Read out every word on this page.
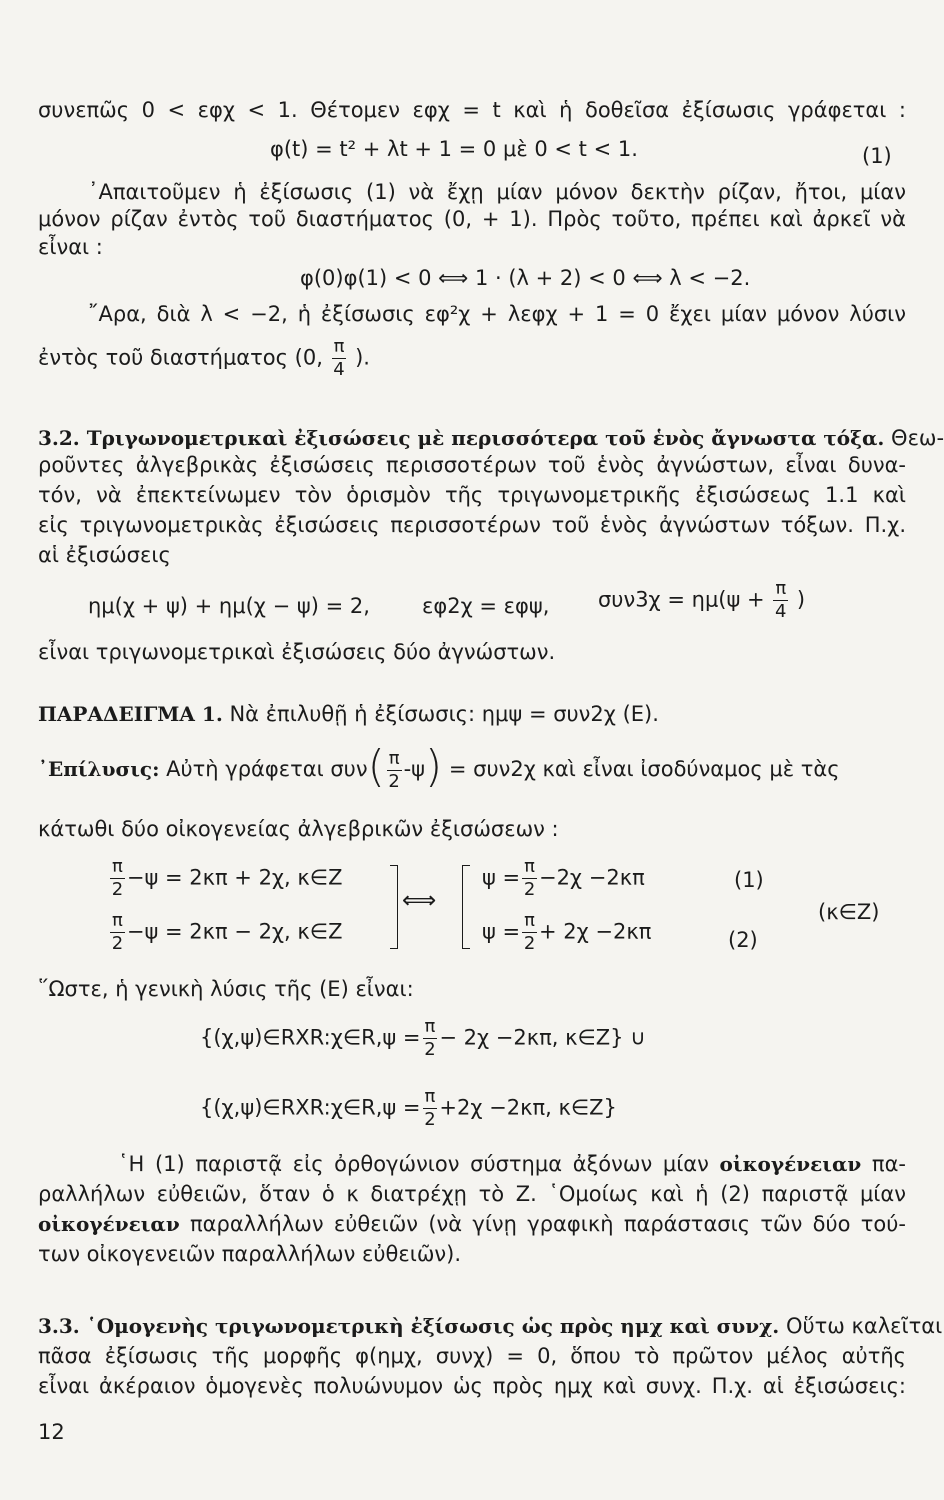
συνεπῶς 0 < εφχ < 1. Θέτομεν εφχ = t καὶ ἡ δοθεῖσα ἐξίσωσις γράφεται :
φ(t) = t² + λt + 1 = 0 μὲ 0 < t < 1.	(1)
᾿Απαιτοῦμεν ἡ ἐξίσωσις (1) νὰ ἔχῃ μίαν μόνον δεκτὴν ρίζαν, ἤτοι, μίαν
μόνον ρίζαν ἐντὸς τοῦ διαστήματος (0, + 1). Πρὸς τοῦτο, πρέπει καὶ ἀρκεῖ νὰ
εἶναι :
φ(0)φ(1) < 0 ⟺ 1 · (λ + 2) < 0 ⟺ λ < −2.
῎Αρα, διὰ λ < −2, ἡ ἐξίσωσις εφ²χ + λεφχ + 1 = 0 ἔχει μίαν μόνον λύσιν
ἐντὸς τοῦ διαστήματος (0, $\frac{\pi}{4}$ ).
3.2. Τριγωνομετρικαὶ ἐξισώσεις μὲ περισσότερα τοῦ ἑνὸς ἄγνωστα τόξα. Θεω-
ροῦντες ἀλγεβρικὰς ἐξισώσεις περισσοτέρων τοῦ ἑνὸς ἀγνώστων, εἶναι δυνα-
τόν, νὰ ἐπεκτείνωμεν τὸν ὁρισμὸν τῆς τριγωνομετρικῆς ἐξισώσεως 1.1 καὶ
εἰς τριγωνομετρικὰς ἐξισώσεις περισσοτέρων τοῦ ἑνὸς ἀγνώστων τόξων. Π.χ.
αἱ ἐξισώσεις
ημ(χ + ψ) + ημ(χ − ψ) = 2, εφ2χ = εφψ, $\sigma\upsilon\nu 3\chi = \eta\mu(\psi + \frac{\pi}{4}$ )
εἶναι τριγωνομετρικαὶ ἐξισώσεις δύο ἀγνώστων.
ΠΑΡΑΔΕΙΓΜΑ 1. Νὰ ἐπιλυθῇ ἡ ἐξίσωσις: ημψ = συν2χ (Ε).
᾿Επίλυσις: Αὐτὴ γράφεται $\sigma\upsilon\nu( \frac{\pi}{2} -\psi) = \sigma\upsilon\nu 2\chi$ καὶ εἶναι ἰσοδύναμος μὲ τὰς
κάτωθι δύο οἰκογενείας ἀλγεβρικῶν ἐξισώσεων :
$\frac{\pi}{2} -\psi = 2\kappa\pi + 2\chi$, κ∈Ζ
$\frac{\pi}{2} -\psi = 2\kappa\pi - 2\chi$, κ∈Ζ
⟺
$\psi = \frac{\pi}{2} -2\chi -2\kappa\pi$	(1)
$\psi = \frac{\pi}{2} + 2\chi -2\kappa\pi$	(2)
(κ∈Ζ)
῞Ωστε, ἡ γενικὴ λύσις τῆς (Ε) εἶναι:
{(χ,ψ)∈RXR:χ∈R,ψ = $\frac{\pi}{2} - 2\chi -2\kappa\pi$, κ∈Ζ} ∪
{(χ,ψ)∈RXR:χ∈R,ψ = $\frac{\pi}{2} +2\chi -2\kappa\pi$, κ∈Ζ}
῾Η (1) παριστᾷ εἰς ὀρθογώνιον σύστημα ἀξόνων μίαν οἰκογένειαν πα-
ραλλήλων εὐθειῶν, ὅταν ὁ κ διατρέχῃ τὸ Ζ. ῾Ομοίως καὶ ἡ (2) παριστᾷ μίαν
οἰκογένειαν παραλλήλων εὐθειῶν (νὰ γίνῃ γραφικὴ παράστασις τῶν δύο τού-
των οἰκογενειῶν παραλλήλων εὐθειῶν).
3.3. ῾Ομογενὴς τριγωνομετρικὴ ἐξίσωσις ὡς πρὸς ημχ καὶ συνχ. Οὕτω καλεῖται
πᾶσα ἐξίσωσις τῆς μορφῆς φ(ημχ, συνχ) = 0, ὅπου τὸ πρῶτον μέλος αὐτῆς
εἶναι ἀκέραιον ὁμογενὲς πολυώνυμον ὡς πρὸς ημχ καὶ συνχ. Π.χ. αἱ ἐξισώσεις:
12
